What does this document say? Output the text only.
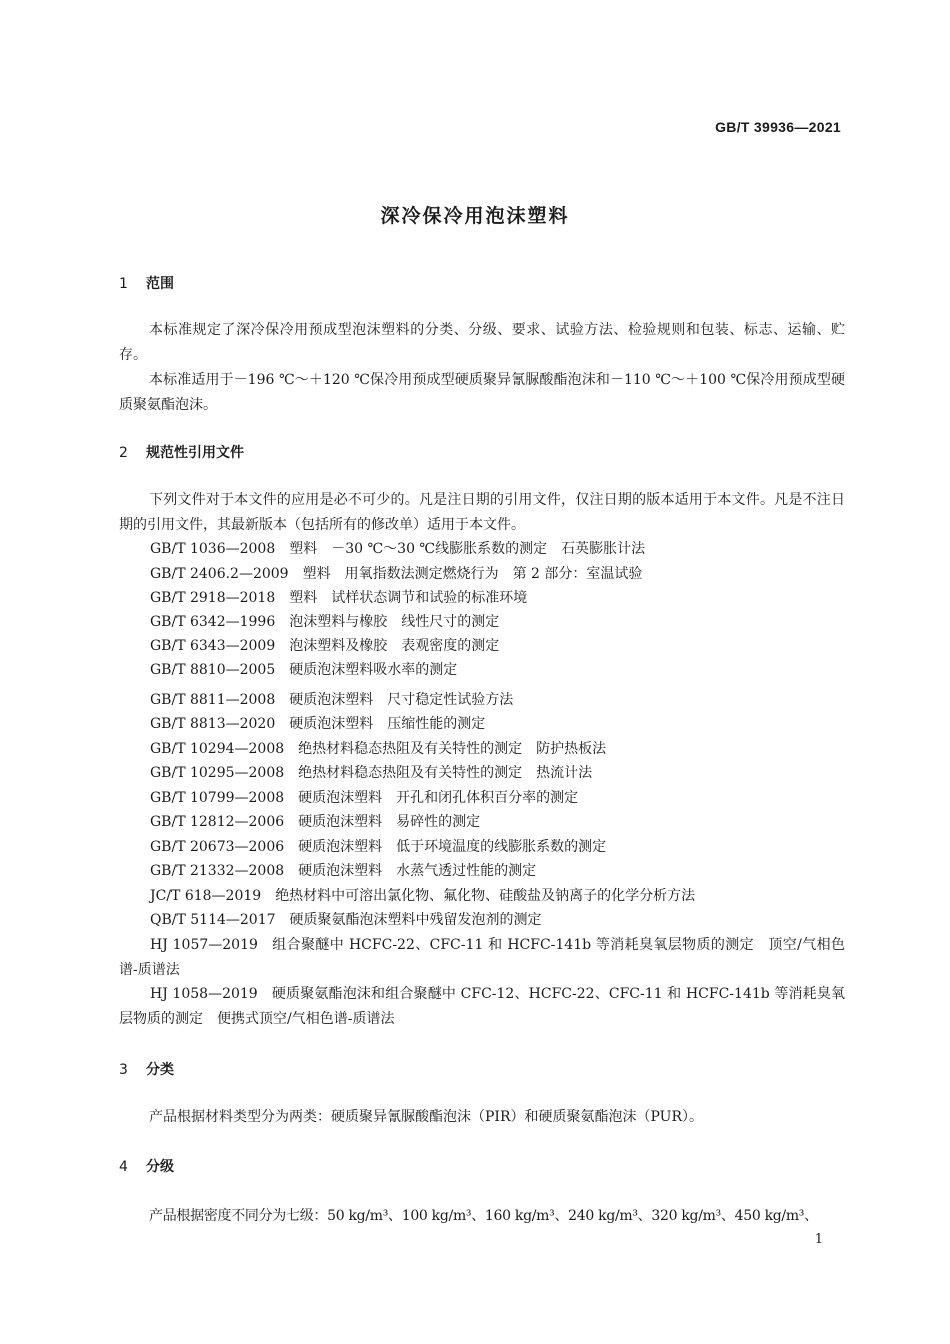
GB/T 39936—2021
深冷保冷用泡沫塑料
1 范围

本标准规定了深冷保冷用预成型泡沫塑料的分类、分级、要求、试验方法、检验规则和包装、标志、运输、贮存。

本标准适用于－196 ℃～＋120 ℃保冷用预成型硬质聚异氰脲酸酯泡沫和－110 ℃～＋100 ℃保冷用预成型硬质聚氨酯泡沫。

2 规范性引用文件

下列文件对于本文件的应用是必不可少的。凡是注日期的引用文件，仅注日期的版本适用于本文件。凡是不注日期的引用文件，其最新版本（包括所有的修改单）适用于本文件。

GB/T 1036—2008 塑料　－30 ℃～30 ℃线膨胀系数的测定　石英膨胀计法
GB/T 2406.2—2009 塑料　用氧指数法测定燃烧行为　第 2 部分：室温试验
GB/T 2918—2018 塑料　试样状态调节和试验的标准环境
GB/T 6342—1996 泡沫塑料与橡胶　线性尺寸的测定
GB/T 6343—2009 泡沫塑料及橡胶　表观密度的测定
GB/T 8810—2005 硬质泡沫塑料吸水率的测定
GB/T 8811—2008 硬质泡沫塑料　尺寸稳定性试验方法
GB/T 8813—2020 硬质泡沫塑料　压缩性能的测定
GB/T 10294—2008 绝热材料稳态热阻及有关特性的测定　防护热板法
GB/T 10295—2008 绝热材料稳态热阻及有关特性的测定　热流计法
GB/T 10799—2008 硬质泡沫塑料　开孔和闭孔体积百分率的测定
GB/T 12812—2006 硬质泡沫塑料　易碎性的测定
GB/T 20673—2006 硬质泡沫塑料　低于环境温度的线膨胀系数的测定
GB/T 21332—2008 硬质泡沫塑料　水蒸气透过性能的测定
JC/T 618—2019 绝热材料中可溶出氯化物、氟化物、硅酸盐及钠离子的化学分析方法
QB/T 5114—2017 硬质聚氨酯泡沫塑料中残留发泡剂的测定

HJ 1057—2019 组合聚醚中 HCFC-22、CFC-11 和 HCFC-141b 等消耗臭氧层物质的测定　顶空/气相色谱-质谱法

HJ 1058—2019 硬质聚氨酯泡沫和组合聚醚中 CFC-12、HCFC-22、CFC-11 和 HCFC-141b 等消耗臭氧层物质的测定　便携式顶空/气相色谱-质谱法

3 分类

产品根据材料类型分为两类：硬质聚异氰脲酸酯泡沫（PIR）和硬质聚氨酯泡沫（PUR）。

4 分级

产品根据密度不同分为七级：50 kg/m³、100 kg/m³、160 kg/m³、240 kg/m³、320 kg/m³、450 kg/m³、

1
